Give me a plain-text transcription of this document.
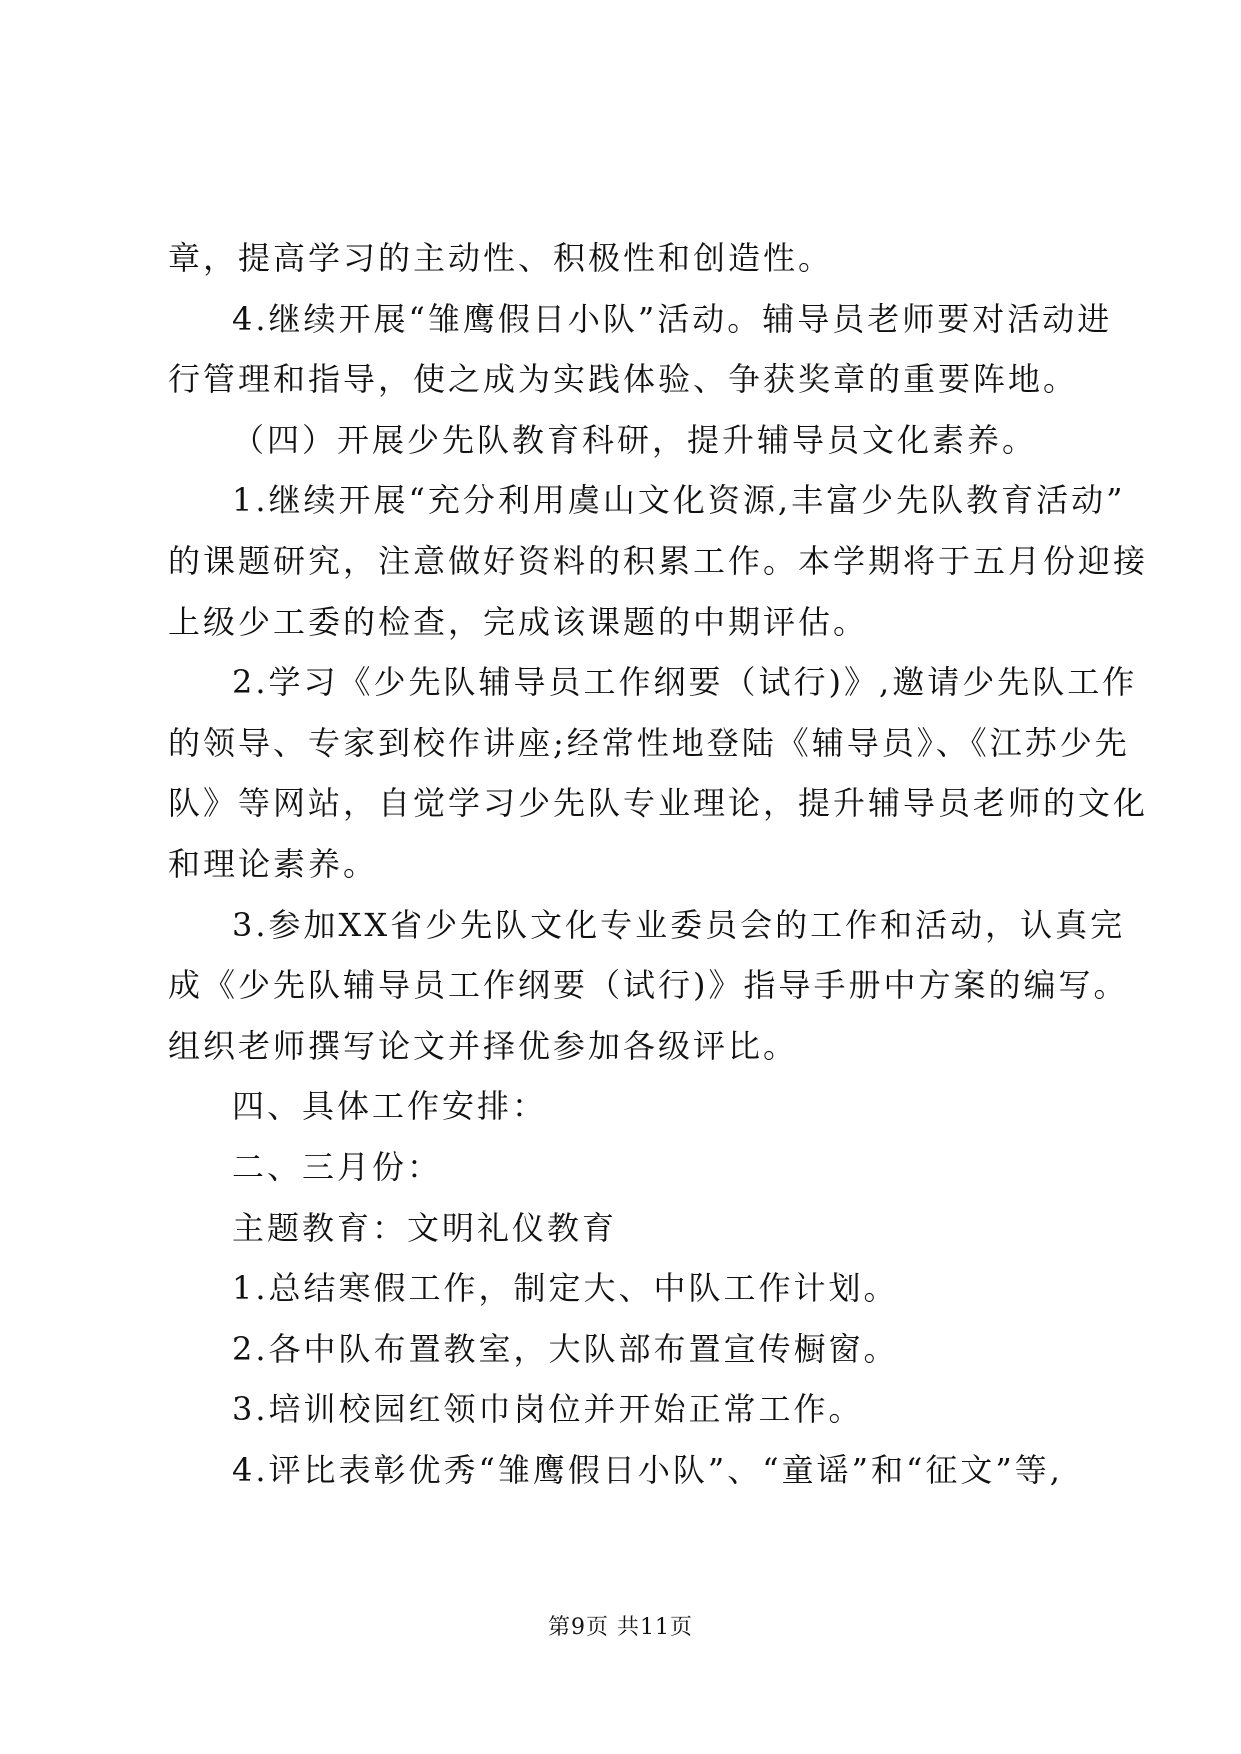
章，提高学习的主动性、积极性和创造性。
4.继续开展“雏鹰假日小队”活动。辅导员老师要对活动进
行管理和指导，使之成为实践体验、争获奖章的重要阵地。
（四）开展少先队教育科研，提升辅导员文化素养。
1.继续开展“充分利用虞山文化资源,丰富少先队教育活动”
的课题研究，注意做好资料的积累工作。本学期将于五月份迎接
上级少工委的检查，完成该课题的中期评估。
2.学习《少先队辅导员工作纲要（试行)》,邀请少先队工作
的领导、专家到校作讲座;经常性地登陆《辅导员》、《江苏少先
队》等网站，自觉学习少先队专业理论，提升辅导员老师的文化
和理论素养。
3.参加XX省少先队文化专业委员会的工作和活动，认真完
成《少先队辅导员工作纲要（试行)》指导手册中方案的编写。
组织老师撰写论文并择优参加各级评比。
四、具体工作安排：
二、三月份：
主题教育：文明礼仪教育
1.总结寒假工作，制定大、中队工作计划。
2.各中队布置教室，大队部布置宣传橱窗。
3.培训校园红领巾岗位并开始正常工作。
4.评比表彰优秀“雏鹰假日小队”、“童谣”和“征文”等,
第9页 共11页
